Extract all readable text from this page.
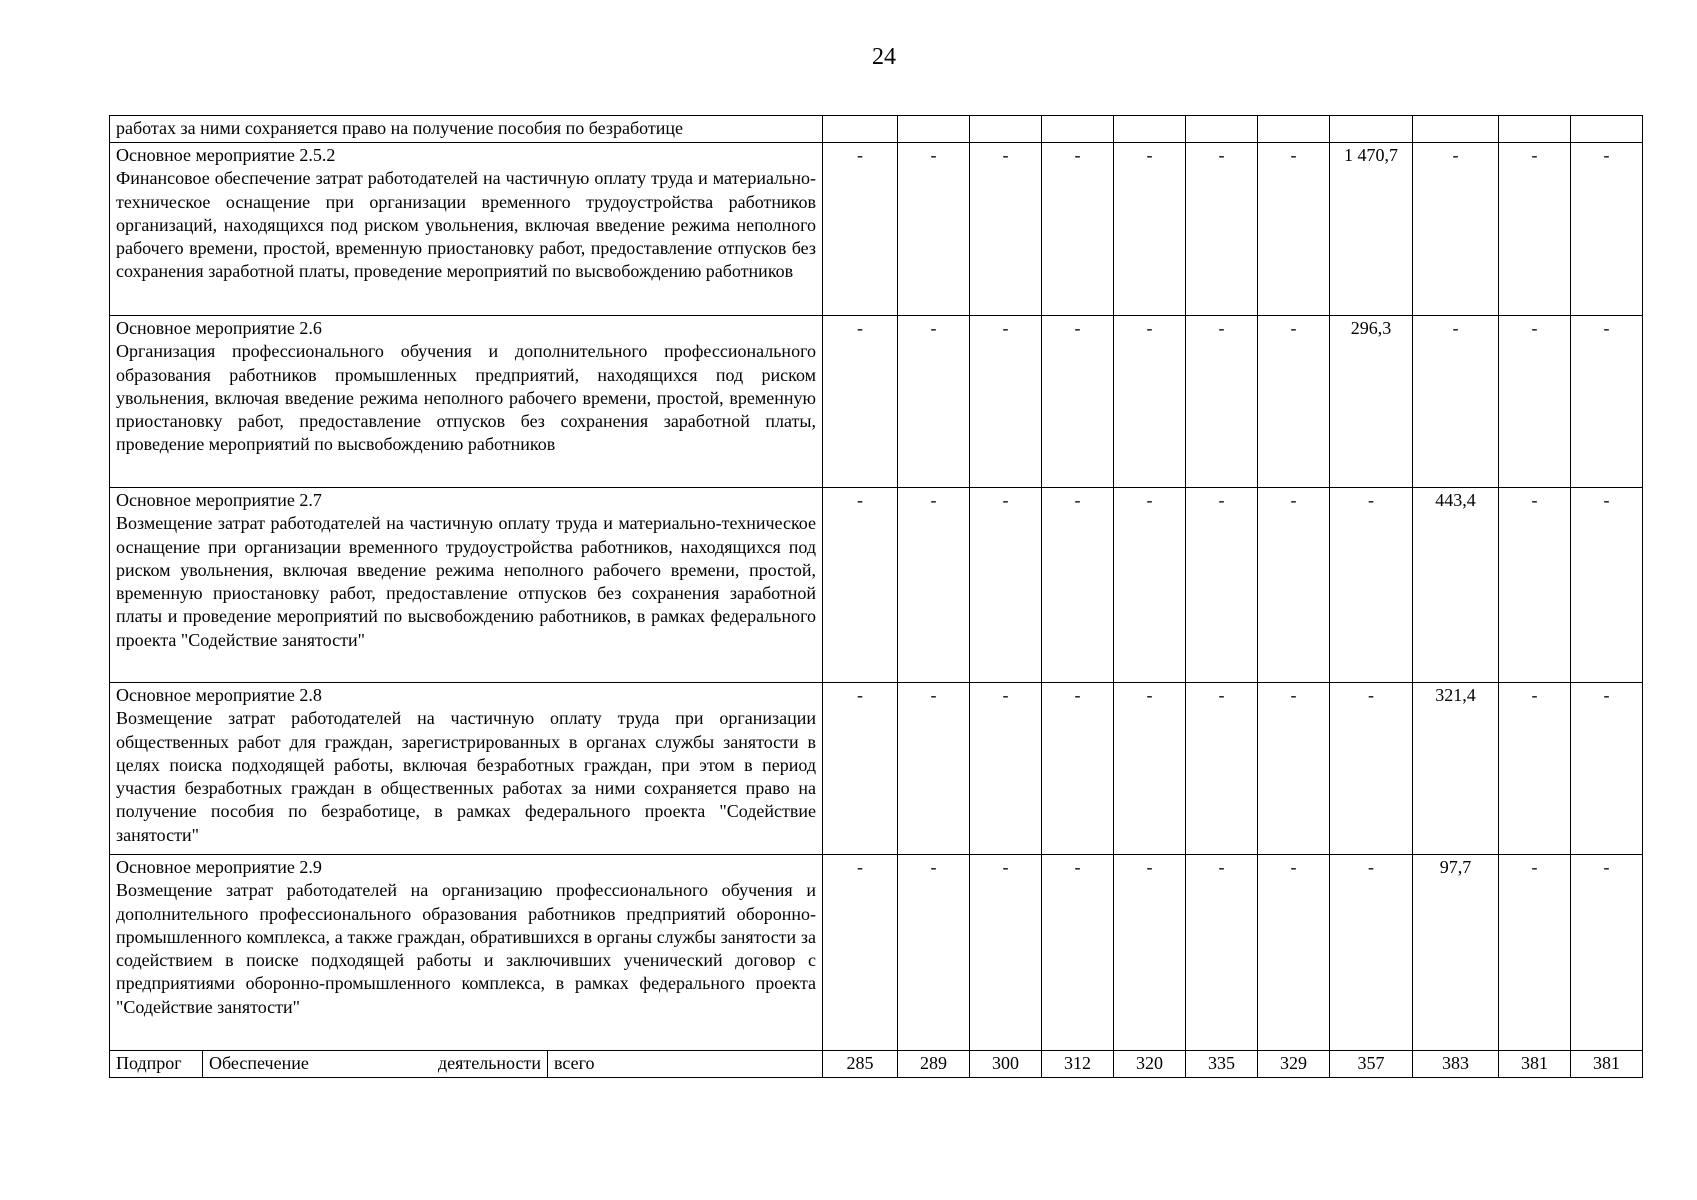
24
работах за ними сохраняется право на получение пособия по безработице													

Основное мероприятие 2.5.2
Финансовое обеспечение затрат работодателей на частичную оплату труда и материально-техническое оснащение при организации временного трудоустройства работников организаций, находящихся под риском увольнения, включая введение режима неполного рабочего времени, простой, временную приостановку работ, предоставление отпусков без сохранения заработной платы, проведение мероприятий по высвобождению работников			-	-	-	-	-	-	-	1 470,7	-	-	-

Основное мероприятие 2.6
Организация профессионального обучения и дополнительного профессионального образования работников промышленных предприятий, находящихся под риском увольнения, включая введение режима неполного рабочего времени, простой, временную приостановку работ, предоставление отпусков без сохранения заработной платы, проведение мероприятий по высвобождению работников			-	-	-	-	-	-	-	296,3	-	-	-

Основное мероприятие 2.7
Возмещение затрат работодателей на частичную оплату труда и материально-техническое оснащение при организации временного трудоустройства работников, находящихся под риском увольнения, включая введение режима неполного рабочего времени, простой, временную приостановку работ, предоставление отпусков без сохранения заработной платы и проведение мероприятий по высвобождению работников, в рамках федерального проекта "Содействие занятости"			-	-	-	-	-	-	-	-	443,4	-	-

Основное мероприятие 2.8
Возмещение затрат работодателей на частичную оплату труда при организации общественных работ для граждан, зарегистрированных в органах службы занятости в целях поиска подходящей работы, включая безработных граждан, при этом в период участия безработных граждан в общественных работах за ними сохраняется право на получение пособия по безработице, в рамках федерального проекта "Содействие занятости"			-	-	-	-	-	-	-	-	321,4	-	-

Основное мероприятие 2.9
Возмещение затрат работодателей на организацию профессионального обучения и дополнительного профессионального образования работников предприятий оборонно-промышленного комплекса, а также граждан, обратившихся в органы службы занятости за содействием в поиске подходящей работы и заключивших ученический договор с предприятиями оборонно-промышленного комплекса, в рамках федерального проекта "Содействие занятости"			-	-	-	-	-	-	-	-	97,7	-	-
Подпрог	Обеспечение деятельности	всего	285	289	300	312	320	335	329	357	383	381	381
